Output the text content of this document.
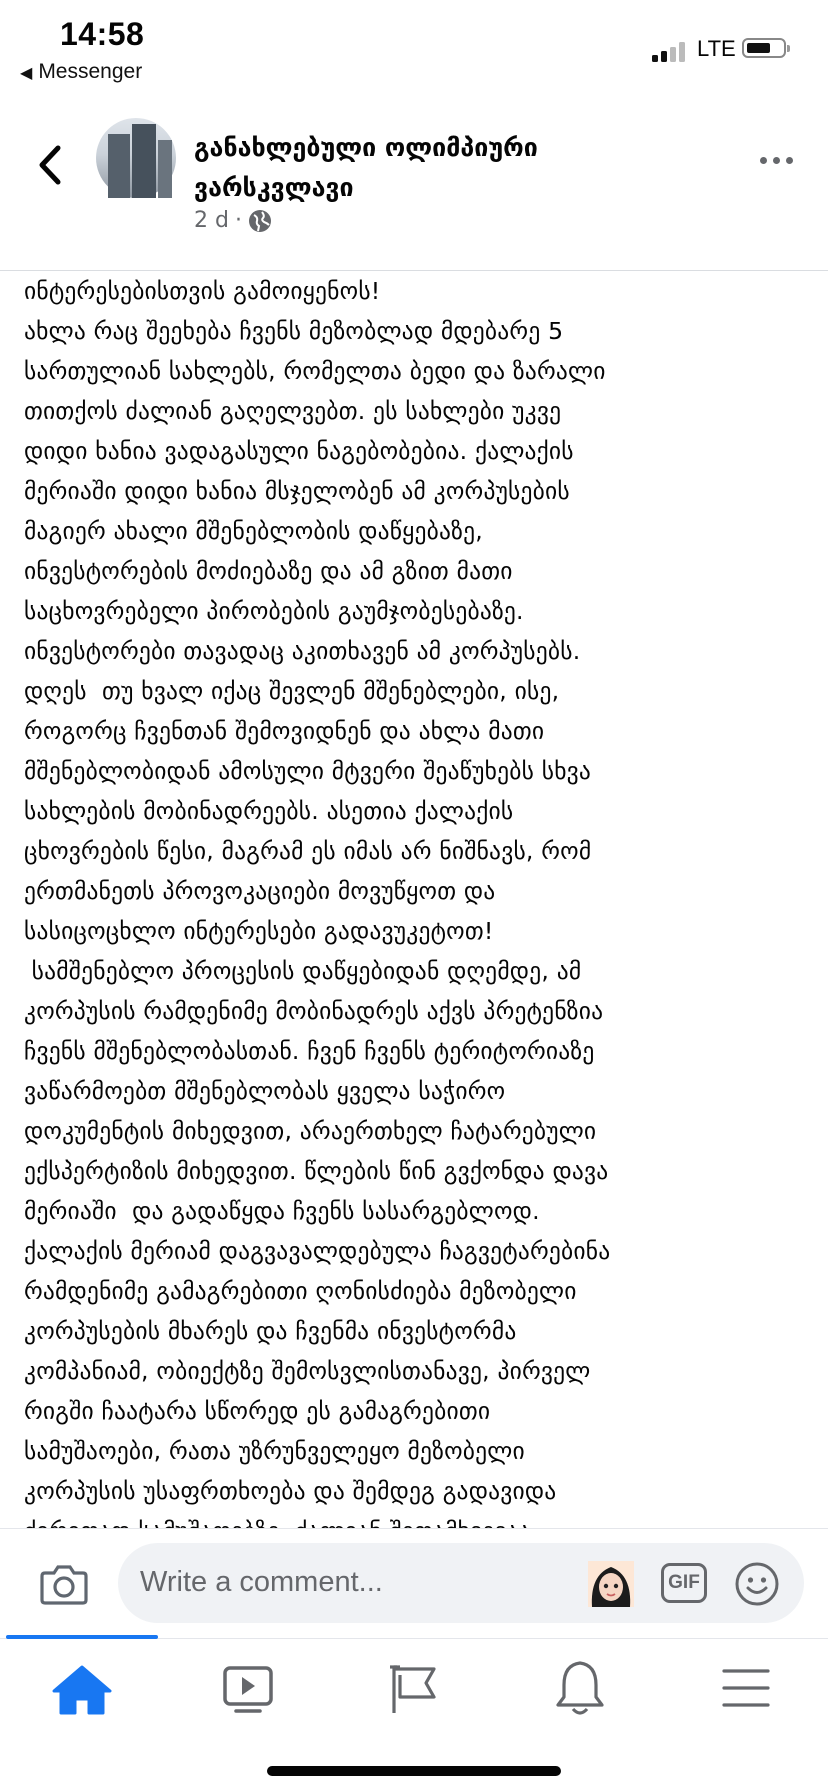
14:58
◀ Messenger
LTE
განახლებული ოლიმპიური
ვარსკვლავი
2 d ·
ინტერესებისთვის გამოიყენოს!
ახლა რაც შეეხება ჩვენს მეზობლად მდებარე 5
სართულიან სახლებს, რომელთა ბედი და ზარალი
თითქოს ძალიან გაღელვებთ. ეს სახლები უკვე
დიდი ხანია ვადაგასული ნაგებობებია. ქალაქის
მერიაში დიდი ხანია მსჯელობენ ამ კორპუსების
მაგიერ ახალი მშენებლობის დაწყებაზე,
ინვესტორების მოძიებაზე და ამ გზით მათი
საცხოვრებელი პირობების გაუმჯობესებაზე.
ინვესტორები თავადაც აკითხავენ ამ კორპუსებს.
დღეს  თუ ხვალ იქაც შევლენ მშენებლები, ისე,
როგორც ჩვენთან შემოვიდნენ და ახლა მათი
მშენებლობიდან ამოსული მტვერი შეაწუხებს სხვა
სახლების მობინადრეებს. ასეთია ქალაქის
ცხოვრების წესი, მაგრამ ეს იმას არ ნიშნავს, რომ
ერთმანეთს პროვოკაციები მოვუწყოთ და
სასიცოცხლო ინტერესები გადავუკეტოთ!
სამშენებლო პროცესის დაწყებიდან დღემდე, ამ
კორპუსის რამდენიმე მობინადრეს აქვს პრეტენზია
ჩვენს მშენებლობასთან. ჩვენ ჩვენს ტერიტორიაზე
ვაწარმოებთ მშენებლობას ყველა საჭირო
დოკუმენტის მიხედვით, არაერთხელ ჩატარებული
ექსპერტიზის მიხედვით. წლების წინ გვქონდა დავა
მერიაში  და გადაწყდა ჩვენს სასარგებლოდ.
ქალაქის მერიამ დაგვავალდებულა ჩაგვეტარებინა
რამდენიმე გამაგრებითი ღონისძიება მეზობელი
კორპუსების მხარეს და ჩვენმა ინვესტორმა
კომპანიამ, ობიექტზე შემოსვლისთანავე, პირველ
რიგში ჩაატარა სწორედ ეს გამაგრებითი
სამუშაოები, რათა უზრუნველეყო მეზობელი
კორპუსის უსაფრთხოება და შემდეგ გადავიდა
Write a comment...	GIF
